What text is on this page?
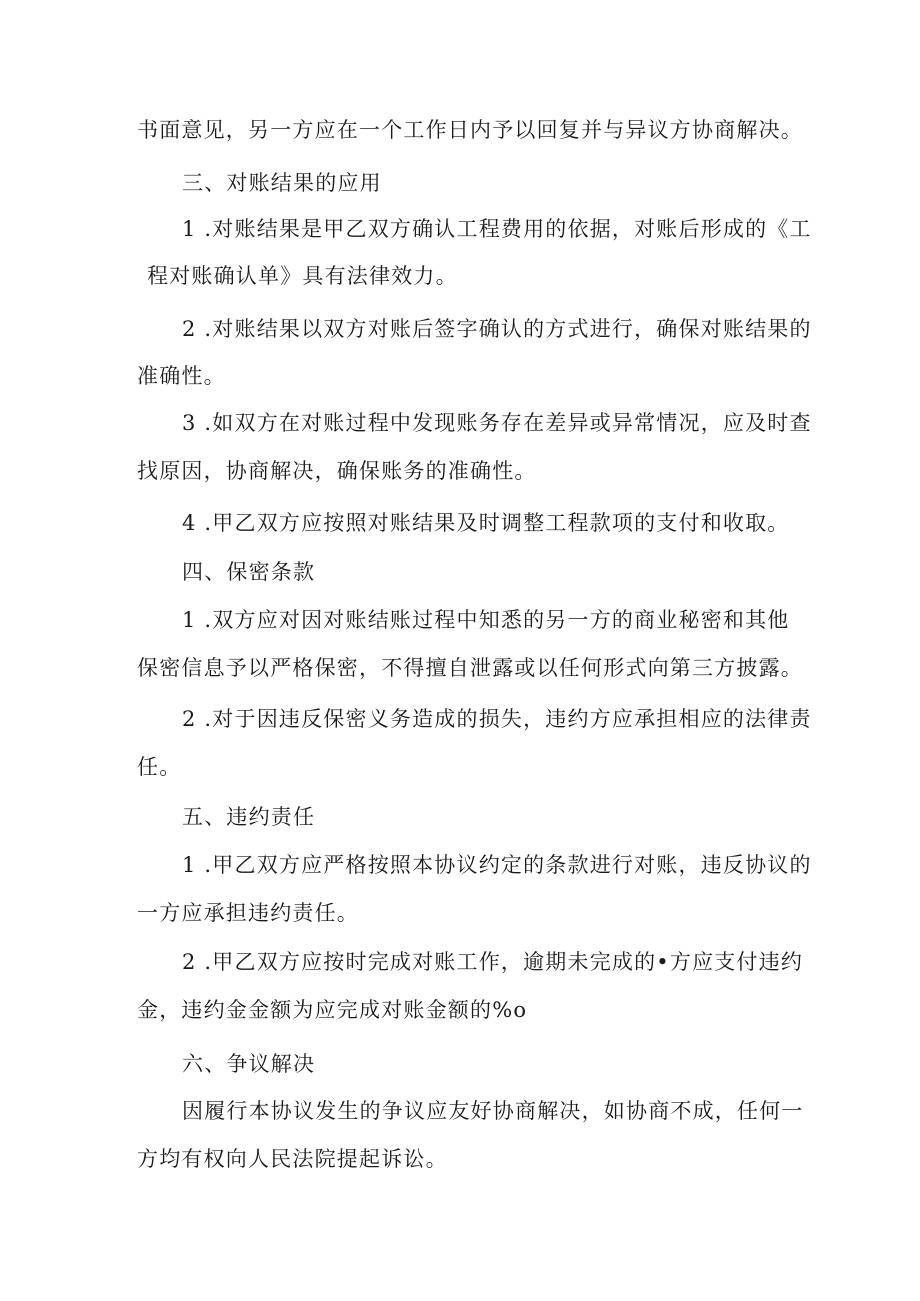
书面意见，另一方应在一个工作日内予以回复并与异议方协商解决。
三、对账结果的应用
1 .对账结果是甲乙双方确认工程费用的依据，对账后形成的《工
程对账确认单》具有法律效力。
2 .对账结果以双方对账后签字确认的方式进行，确保对账结果的
准确性。
3 .如双方在对账过程中发现账务存在差异或异常情况，应及时查
找原因，协商解决，确保账务的准确性。
4 .甲乙双方应按照对账结果及时调整工程款项的支付和收取。
四、保密条款
1 .双方应对因对账结账过程中知悉的另一方的商业秘密和其他
保密信息予以严格保密，不得擅自泄露或以任何形式向第三方披露。
2 .对于因违反保密义务造成的损失，违约方应承担相应的法律责
任。
五、违约责任
1 .甲乙双方应严格按照本协议约定的条款进行对账，违反协议的
一方应承担违约责任。
2 .甲乙双方应按时完成对账工作，逾期未完成的•方应支付违约
金，违约金金额为应完成对账金额的%o
六、争议解决
因履行本协议发生的争议应友好协商解决，如协商不成，任何一
方均有权向人民法院提起诉讼。
